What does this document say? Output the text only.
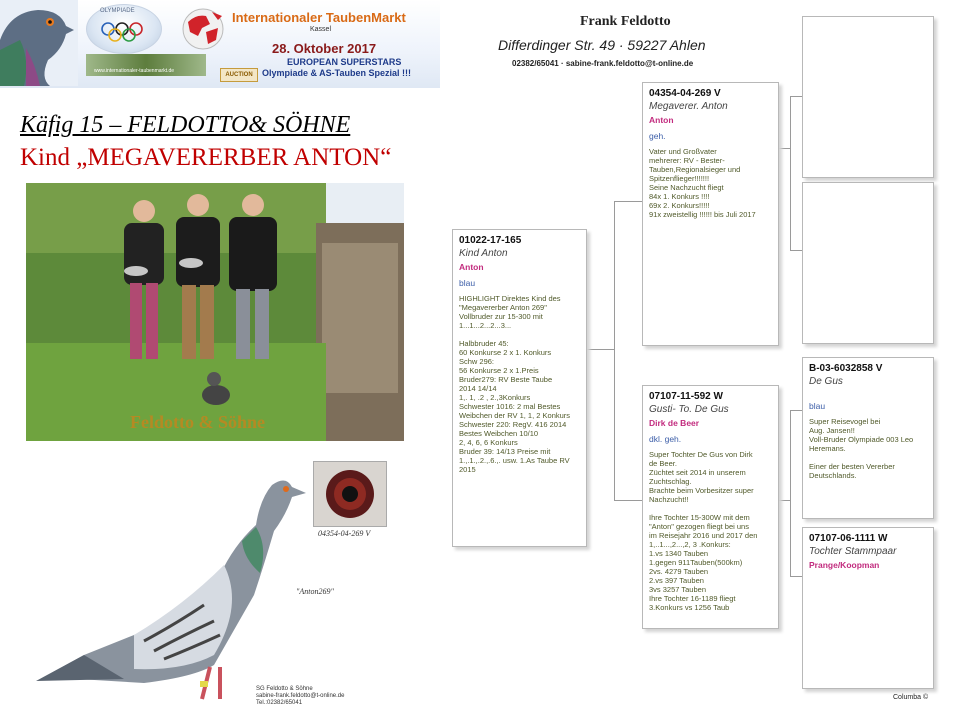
OLYMPIADE
www.internationaler-taubenmarkt.de
Internationaler TaubenMarkt
Kassel
28. Oktober 2017
EUROPEAN SUPERSTARS
AUCTION	Olympiade & AS-Tauben Spezial !!!
Käfig 15 – FELDOTTO& SÖHNE
Kind „MEGAVERERBER ANTON“
Feldotto & Söhne
04354-04-269 V
"Anton269"
SG Feldotto & Söhne
sabine-frank.feldotto@t-online.de
Tel.:02382/65041
Frank Feldotto
Differdinger Str. 49 · 59227 Ahlen
02382/65041 · sabine-frank.feldotto@t-online.de
01022-17-165
Kind Anton
Anton
blau
HIGHLIGHT Direktes Kind des
"Megavererber Anton 269"
Vollbruder zur 15-300 mit
1...1...2...2...3...

Halbbruder 45:
60 Konkurse 2 x 1. Konkurs
Schw 296:
56 Konkurse 2 x 1.Preis
Bruder279: RV Beste Taube
2014 14/14
1,. 1, .2 , 2.,3Konkurs
Schwester 1016: 2 mal Bestes
Weibchen der RV 1, 1, 2 Konkurs
Schwester 220: RegV. 416 2014
Bestes Weibchen 10/10
2, 4, 6, 6 Konkurs
Bruder 39: 14/13 Preise mit
1.,.1.,.2.,.6.,. usw. 1.As Taube RV
2015
04354-04-269 V
Megaverer. Anton
Anton
geh.
Vater und Großvater
mehrerer: RV - Bester-
Tauben,Regionalsieger und
Spitzenflieger!!!!!!!
Seine Nachzucht fliegt
84x 1. Konkurs !!!!
69x 2. Konkurs!!!!!
91x zweistellig !!!!!! bis Juli 2017
07107-11-592 W
Gusti- To. De Gus
Dirk de Beer
dkl. geh.
Super Tochter De Gus von Dirk
de Beer.
Züchtet seit 2014 in unserem
Zuchtschlag.
Brachte beim Vorbesitzer super
Nachzucht!!

Ihre Tochter 15-300W mit dem
"Anton" gezogen fliegt bei uns
im Reisejahr 2016 und 2017 den
1,..1...,2...,2, 3 .Konkurs:
1.vs 1340 Tauben
1.gegen 911Tauben(500km)
2vs. 4279 Tauben
2.vs 397 Tauben
3vs 3257 Tauben
Ihre Tochter 16-1189 fliegt
3.Konkurs vs 1256 Taub
B-03-6032858 V
De Gus
blau
Super Reisevogel bei
Aug. Jansen!!
Voll-Bruder Olympiade 003 Leo
Heremans.

Einer der besten Vererber
Deutschlands.
07107-06-1111 W
Tochter Stammpaar
Prange/Koopman
Columba ©
